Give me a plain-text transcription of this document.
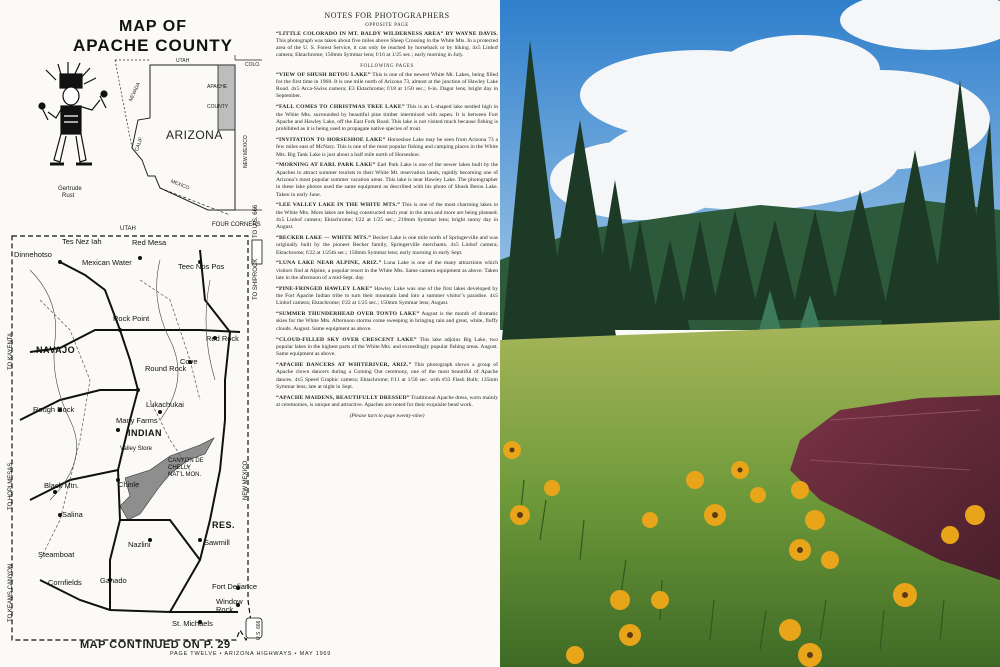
MAP OF
APACHE COUNTY
Gertrude
Rust
UTAH
COLO.
APACHE
COUNTY
ARIZONA
CALIF.
NEVADA
NEW MEXICO
MEXICO
Tes Nez Iah
Dinnehotso
Red Mesa
Mexican Water	Teec Nos Pos
UTAH
FOUR CORNERS
Rock Point
Red Rock
Cove
NAVAJO
Round Rock
Rough Rock
Lukachukai
Many Farms
INDIAN
Valley Store
CANYON DE CHELLY NAT'L MON.
Chinle
Black Mtn.
Salina
RES.
Sawmill
Nazlini
Steamboat
Ganado
Cornfields	Fort Defiance
Window Rock
St. Michaels
NEW MEXICO
TO KAYENTA
TO HOPI MESAS
TO KEAMS CANYON
TO SHIPROCK
TO U.S. 666
U.S. 666
MAP CONTINUED ON P. 29
NOTES FOR PHOTOGRAPHERS
OPPOSITE PAGE

“LITTLE COLORADO IN MT. BALDY WILDERNESS AREA” BY WAYNE DAVIS. This photograph was taken about five miles above Sheep Crossing in the White Mts. In a protected area of the U. S. Forest Service, it can only be reached by horseback or by hiking. 4x5 Linhof camera; Ektachrome; 150mm Symmar lens; f/16 at 1/25 sec.; early morning in July.

FOLLOWING PAGES

“VIEW OF SHUSH BETOU LAKE” This is one of the newest White Mt. Lakes, being filled for the first time in 1968. It is one mile north of Arizona 73, almost at the junction of Hawley Lake Road. 4x5 Arca-Swiss camera; E3 Ektachrome; f/18 at 1/50 sec.; 6-in. Dagor lens; bright day in September.

“FALL COMES TO CHRISTMAS TREE LAKE” This is an L-shaped lake nestled high in the White Mts. surrounded by beautiful pine timber intermixed with aspen. It is between Fort Apache and Hawley Lake, off the East Fork Road. This lake is not visited much because fishing is prohibited as it is being used to propagate native species of trout.

“INVITATION TO HORSESHOE LAKE” Horseshoe Lake may be seen from Arizona 73 a few miles east of McNary. This is one of the most popular fishing and camping places in the White Mts. Big Tank Lake is just about a half mile north of Horseshoe.

“MORNING AT EARL PARK LAKE” Earl Park Lake is one of the newer lakes built by the Apaches to attract summer tourists to their White Mt. reservation lands, rapidly becoming one of Arizona’s most popular summer vacation areas. This lake is near Hawley Lake. The photographer in these lake photos used the same equipment as described with his photo of Shush Betou Lake. Taken in early June.

“LEE VALLEY LAKE IN THE WHITE MTS.” This is one of the most charming lakes in the White Mts. More lakes are being constructed each year in the area and more are being planned. 4x5 Linhof camera; Ektachrome; f/22 at 1/25 sec.; 210mm Symmar lens; bright sunny day in August.

“BECKER LAKE — WHITE MTS.” Becker Lake is one mile north of Springerville and was originally built by the pioneer Becker family, Springerville merchants. 4x5 Linhof camera; Ektachrome; f/22 at 1/25th sec.; 150mm Symmar lens; early morning in early Sept.

“LUNA LAKE NEAR ALPINE, ARIZ.” Luna Lake is one of the many attractions which visitors find at Alpine, a popular resort in the White Mts. Same camera equipment as above. Taken late in the afternoon of a mid-Sept. day.

“PINE-FRINGED HAWLEY LAKE” Hawley Lake was one of the first lakes developed by the Fort Apache Indian tribe to turn their mountain land into a summer visitor’s paradise. 4x5 Linhof camera; Ektachrome; f/22 at 1/25 sec.; 150mm Symmar lens; August.

“SUMMER THUNDERHEAD OVER TONTO LAKE” August is the month of dramatic skies for the White Mts. Afternoon storms come sweeping in bringing rain and great, white, fluffy clouds. August. Same equipment as above.

“CLOUD-FILLED SKY OVER CRESCENT LAKE” This lake adjoins Big Lake, two popular lakes in the highest parts of the White Mts. and exceedingly popular fishing areas. August. Same equipment as above.

“APACHE DANCERS AT WHITERIVER, ARIZ.” This photograph shows a group of Apache clown dancers during a Coming Out ceremony, one of the most beautiful of Apache dances. 4x5 Speed Graphic camera; Ektachrome; f/11 at 1/50 sec. with #33 Flash Bulb; 135mm Symmar lens; late at night in Sept.

“APACHE MAIDENS, BEAUTIFULLY DRESSED” Traditional Apache dress, worn mainly at ceremonies, is unique and attractive. Apaches are noted for their exquisite bead work.

(Please turn to page twenty-nine)

PAGE TWELVE • ARIZONA HIGHWAYS • MAY 1969
